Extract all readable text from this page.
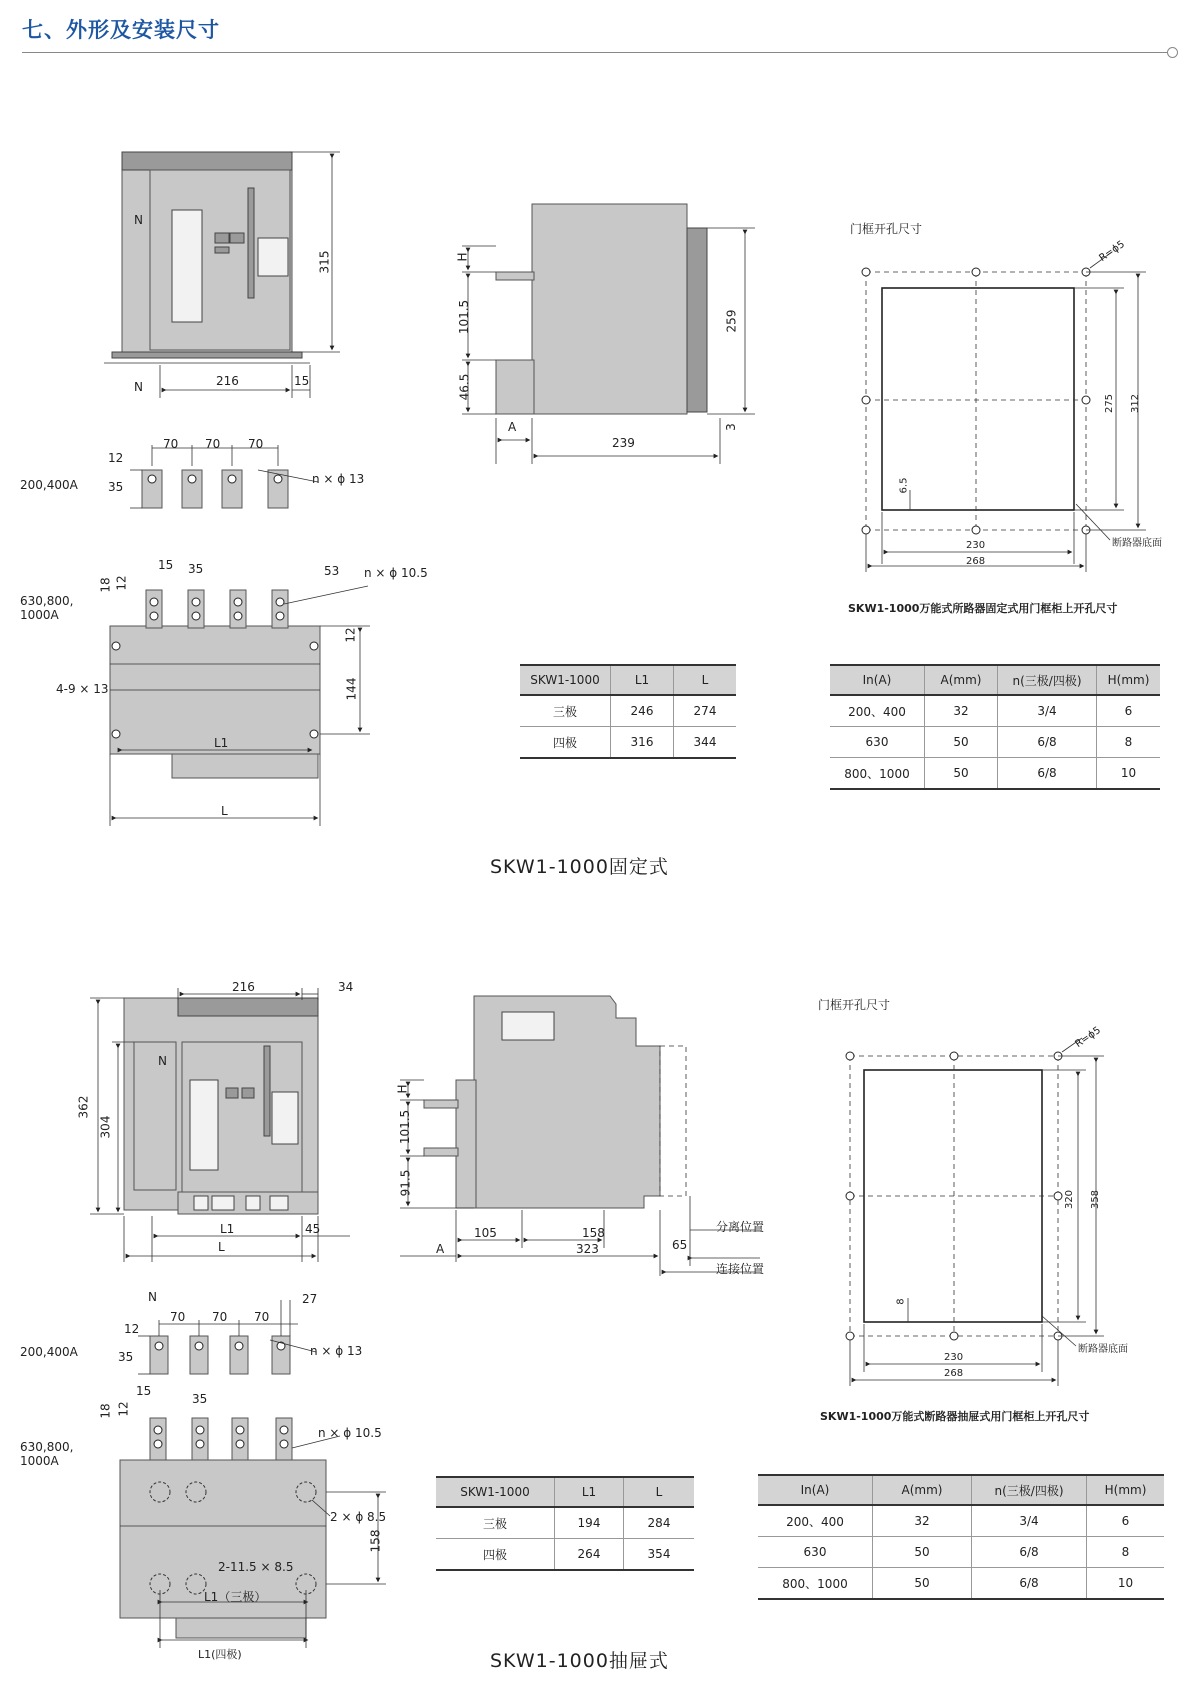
七、外形及安装尺寸
N
N
315
216	15
H
101.5
46.5
259
3
A
239
200,400A
70 70 70
12
35
n × ϕ 13
630,800,
1000A
15 35	53
18 12
n × ϕ 10.5
12
144
4-9 × 13
L1
L
门框开孔尺寸
R=ϕ5
275 312
6.5
230
268
断路器底面
SKW1-1000万能式所路器固定式用门框柜上开孔尺寸
216	34
362
304
N
L1	45
L
H
101.5
91.5
105	158
A	323	65
分离位置
连接位置
200,400A
N
70 70 70
27
12
35	n × ϕ 13
630,800,
1000A
15
35
18 12
n × ϕ 10.5
2 × ϕ 8.5
2-11.5 × 8.5
158
L1（三极）
L1(四极)
门框开孔尺寸
R=ϕ5
320 358
8
230
268
断路器底面
SKW1-1000万能式断路器抽屉式用门框柜上开孔尺寸
SKW1-1000	L1	L
三极	246	274
四极	316	344
In(A)	A(mm)	n(三极/四极)	H(mm)
200、400	32	3/4	6
630	50	6/8	8
800、1000	50	6/8	10
SKW1-1000固定式
SKW1-1000	L1	L
三极	194	284
四极	264	354
In(A)	A(mm)	n(三极/四极)	H(mm)
200、400	32	3/4	6
630	50	6/8	8
800、1000	50	6/8	10
SKW1-1000抽屉式
